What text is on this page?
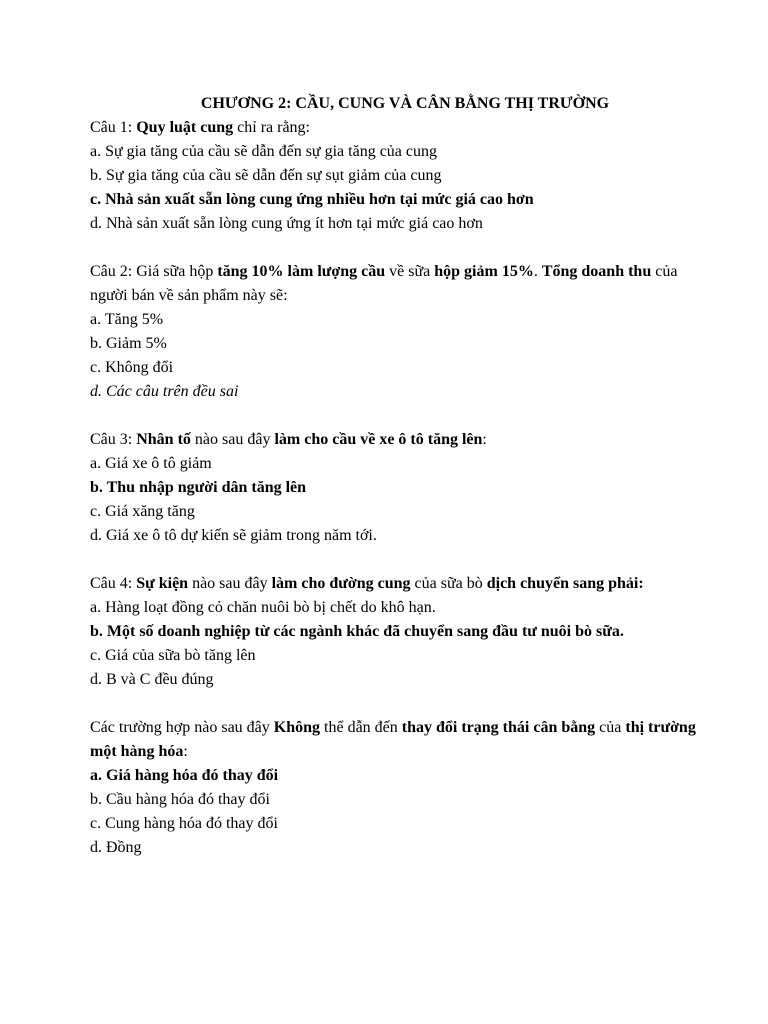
CHƯƠNG 2: CẦU, CUNG VÀ CÂN BẰNG THỊ TRƯỜNG

Câu 1: Quy luật cung chỉ ra rằng:

a. Sự gia tăng của cầu sẽ dẫn đến sự gia tăng của cung

b. Sự gia tăng của cầu sẽ dẫn đến sự sụt giảm của cung

c. Nhà sản xuất sẵn lòng cung ứng nhiều hơn tại mức giá cao hơn

d. Nhà sản xuất sẵn lòng cung ứng ít hơn tại mức giá cao hơn

Câu 2: Giá sữa hộp tăng 10% làm lượng cầu về sữa hộp giảm 15%. Tổng doanh thu của người bán về sản phẩm này sẽ:

a. Tăng 5%

b. Giảm 5%

c. Không đổi

d. Các câu trên đều sai

Câu 3: Nhân tố nào sau đây làm cho cầu về xe ô tô tăng lên:

a. Giá xe ô tô giảm

b. Thu nhập người dân tăng lên

c. Giá xăng tăng

d. Giá xe ô tô dự kiến sẽ giảm trong năm tới.

Câu 4: Sự kiện nào sau đây làm cho đường cung của sữa bò dịch chuyển sang phải:

a. Hàng loạt đồng cỏ chăn nuôi bò bị chết do khô hạn.

b. Một số doanh nghiệp từ các ngành khác đã chuyển sang đầu tư nuôi bò sữa.

c. Giá của sữa bò tăng lên

d. B và C đều đúng

Các trường hợp nào sau đây Không thể dẫn đến thay đổi trạng thái cân bằng của thị trường một hàng hóa:

a. Giá hàng hóa đó thay đổi

b. Cầu hàng hóa đó thay đổi

c. Cung hàng hóa đó thay đổi

d. Đồng
